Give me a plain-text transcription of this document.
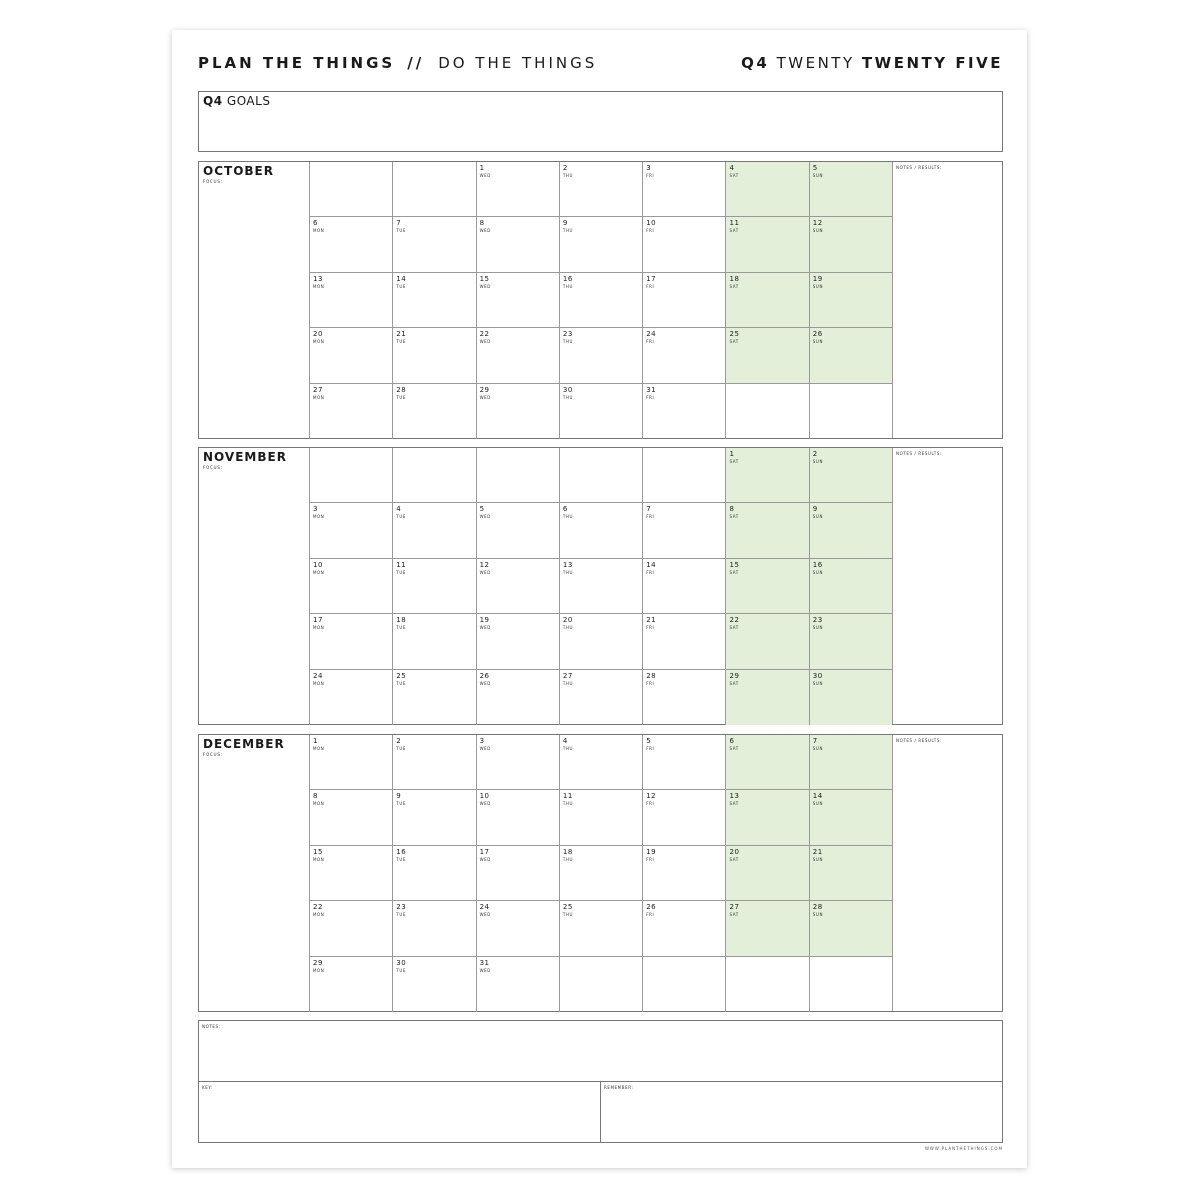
PLAN THE THINGS // DO THE THINGS	Q4 TWENTY TWENTY FIVE
Q4 GOALS
OCTOBER
FOCUS:
1
WED
2
THU
3
FRI
4
SAT
5
SUN
6
MON
7
TUE
8
WED
9
THU
10
FRI
11
SAT
12
SUN
13
MON
14
TUE
15
WED
16
THU
17
FRI
18
SAT
19
SUN
20
MON
21
TUE
22
WED
23
THU
24
FRI
25
SAT
26
SUN
27
MON
28
TUE
29
WED
30
THU
31
FRI
NOTES / RESULTS:
NOVEMBER
FOCUS:
1
SAT
2
SUN
3
MON
4
TUE
5
WED
6
THU
7
FRI
8
SAT
9
SUN
10
MON
11
TUE
12
WED
13
THU
14
FRI
15
SAT
16
SUN
17
MON
18
TUE
19
WED
20
THU
21
FRI
22
SAT
23
SUN
24
MON
25
TUE
26
WED
27
THU
28
FRI
29
SAT
30
SUN
NOTES / RESULTS:
DECEMBER
FOCUS:
1
MON
2
TUE
3
WED
4
THU
5
FRI
6
SAT
7
SUN
8
MON
9
TUE
10
WED
11
THU
12
FRI
13
SAT
14
SUN
15
MON
16
TUE
17
WED
18
THU
19
FRI
20
SAT
21
SUN
22
MON
23
TUE
24
WED
25
THU
26
FRI
27
SAT
28
SUN
29
MON
30
TUE
31
WED
NOTES / RESULTS:
NOTES:
KEY:	REMEMBER:
WWW.PLANTHETHINGS.COM
